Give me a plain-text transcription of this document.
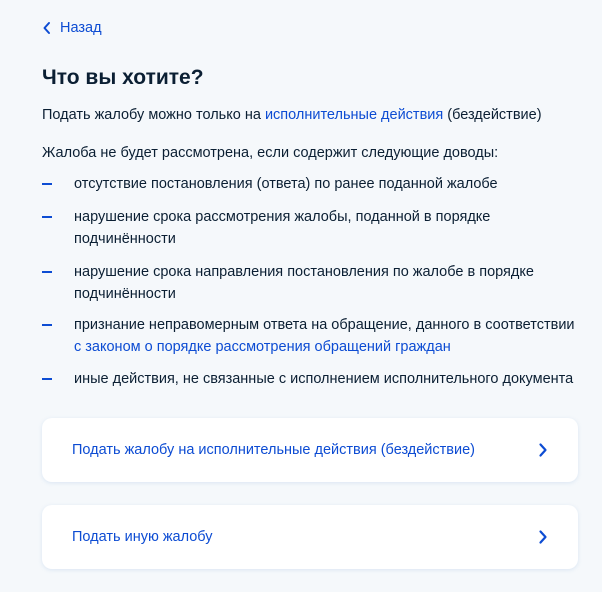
Назад
Что вы хотите?
Подать жалобу можно только на исполнительные действия (бездействие)
Жалоба не будет рассмотрена, если содержит следующие доводы:
отсутствие постановления (ответа) по ранее поданной жалобе
нарушение срока рассмотрения жалобы, поданной в порядке подчинённости
нарушение срока направления постановления по жалобе в порядке подчинённости
признание неправомерным ответа на обращение, данного в соответствии с законом о порядке рассмотрения обращений граждан
иные действия, не связанные с исполнением исполнительного документа
Подать жалобу на исполнительные действия (бездействие)
Подать иную жалобу
